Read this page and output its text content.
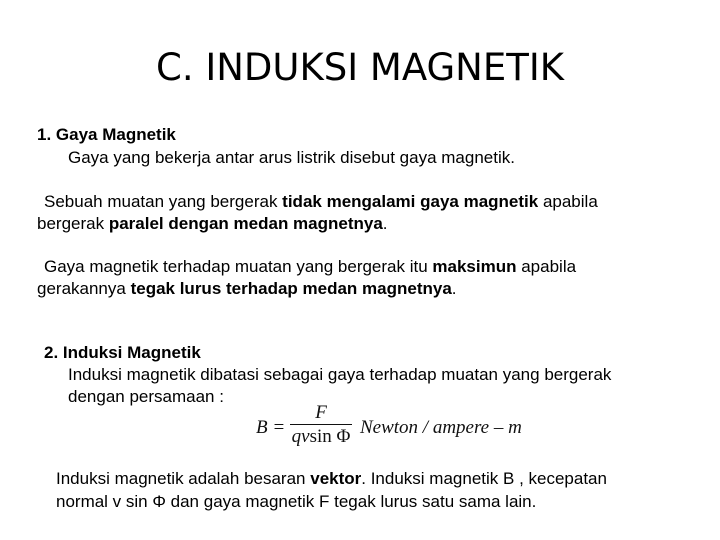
C. INDUKSI MAGNETIK
1. Gaya Magnetik
Gaya yang bekerja antar arus listrik disebut gaya magnetik.
Sebuah muatan yang bergerak tidak mengalami gaya magnetik apabila
bergerak paralel dengan medan magnetnya.
Gaya magnetik terhadap muatan yang bergerak itu maksimun apabila
gerakannya tegak lurus terhadap medan magnetnya.
2. Induksi Magnetik
Induksi magnetik dibatasi sebagai gaya terhadap muatan yang bergerak
dengan persamaan :
B =
F
qvsin Φ Newton / ampere – m
Induksi magnetik adalah besaran vektor. Induksi magnetik B , kecepatan
normal v sin Φ dan gaya magnetik F tegak lurus satu sama lain.
